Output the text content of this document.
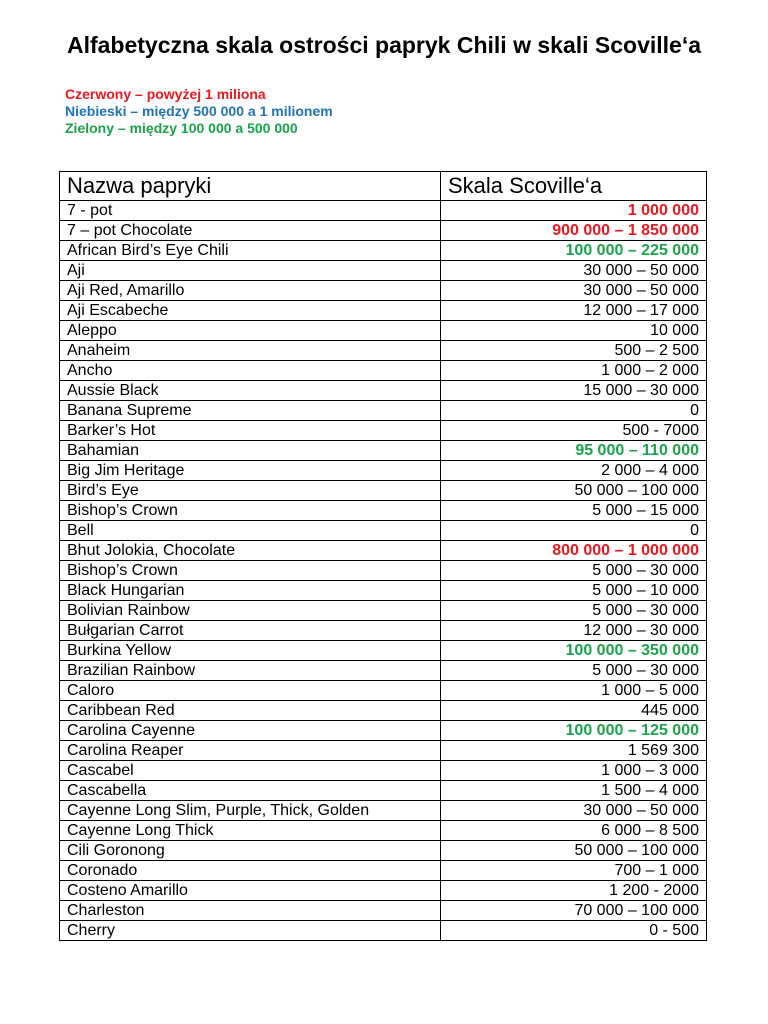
Alfabetyczna skala ostrości papryk Chili w skali Scoville‘a
Czerwony – powyżej 1 miliona
Niebieski – między 500 000 a 1 milionem
Zielony – między 100 000 a 500 000
Nazwa papryki	Skala Scoville‘a
7 - pot	1 000 000
7 – pot Chocolate	900 000 – 1 850 000
African Bird’s Eye Chili	100 000 – 225 000
Aji	30 000 – 50 000
Aji Red, Amarillo	30 000 – 50 000
Aji Escabeche	12 000 – 17 000
Aleppo	10 000
Anaheim	500 – 2 500
Ancho	1 000 – 2 000
Aussie Black	15 000 – 30 000
Banana Supreme	0
Barker’s Hot	500 - 7000
Bahamian	95 000 – 110 000
Big Jim Heritage	2 000 – 4 000
Bird’s Eye	50 000 – 100 000
Bishop’s Crown	5 000 – 15 000
Bell	0
Bhut Jolokia, Chocolate	800 000 – 1 000 000
Bishop’s Crown	5 000 – 30 000
Black Hungarian	5 000 – 10 000
Bolivian Rainbow	5 000 – 30 000
Bułgarian Carrot	12 000 – 30 000
Burkina Yellow	100 000 – 350 000
Brazilian Rainbow	5 000 – 30 000
Caloro	1 000 – 5 000
Caribbean Red	445 000
Carolina Cayenne	100 000 – 125 000
Carolina Reaper	1 569 300
Cascabel	1 000 – 3 000
Cascabella	1 500 – 4 000
Cayenne Long Slim, Purple, Thick, Golden	30 000 – 50 000
Cayenne Long Thick	6 000 – 8 500
Cili Goronong	50 000 – 100 000
Coronado	700 – 1 000
Costeno Amarillo	1 200 - 2000
Charleston	70 000 – 100 000
Cherry	0 - 500
